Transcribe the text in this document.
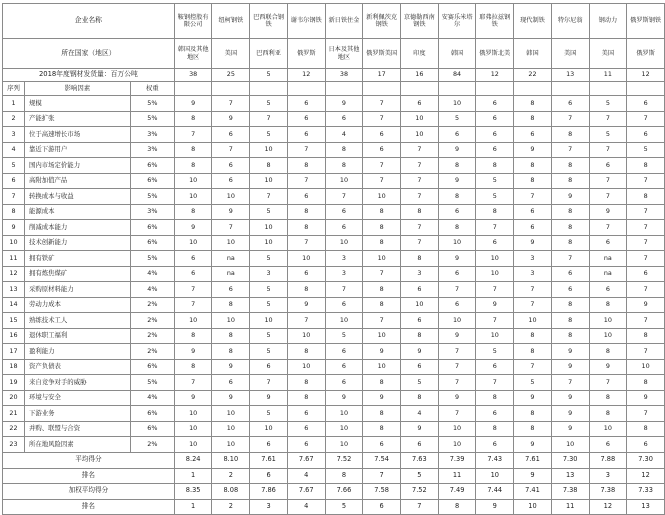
企业名称			鞍钢控股有限公司	纽柯钢铁	巴西联合钢铁	谢韦尔钢铁	新日铁住金	新利佩茨克钢铁	京德勒西南钢铁	安赛乐米塔尔	耶弗拉兹钢铁	现代制铁	特尔尼翁	钢动力	俄罗斯钢铁
所在国家（地区）			韩国及其他地区	美国	巴西利亚	俄罗斯	日本及其他地区	俄罗斯美国	印度	韩国	俄罗斯北美	韩国	美国	美国	俄罗斯
2018年度钢材发货量：百万公吨			38	25	5	12	38	17	16	84	12	22	13	11	12
序列	影响因素	权重													
1	规模	5%	9	7	5	6	9	7	6	10	6	8	6	5	6
2	产能扩张	5%	8	9	7	6	6	7	10	5	6	8	7	7	7
3	位于高速增长市场	3%	7	6	5	6	4	6	10	6	6	6	8	5	6
4	靠近下游用户	3%	8	7	10	7	8	6	7	9	6	9	7	7	5
5	国内市场定价能力	6%	8	6	8	8	8	7	7	8	8	8	8	6	8
6	高附加值产品	6%	10	6	10	7	10	7	7	9	5	8	8	7	7
7	转换成本与收益	5%	10	10	7	6	7	10	7	8	5	7	9	7	8
8	能源成本	3%	8	9	5	8	6	8	8	6	8	6	8	9	7
9	削减成本能力	6%	9	7	10	8	6	8	7	8	7	6	8	7	7
10	技术创新能力	6%	10	10	10	7	10	8	7	10	6	9	8	6	7
11	拥有铁矿	5%	6	na	5	10	3	10	8	9	10	3	7	na	7
12	拥有炼焦煤矿	4%	6	na	3	6	3	7	3	6	10	3	6	na	6
13	采购原材料能力	4%	7	6	5	8	7	8	6	7	7	7	6	6	7
14	劳动力成本	2%	7	8	5	9	6	8	10	6	9	7	8	8	9
15	熟练技术工人	2%	10	10	10	7	10	7	6	10	7	10	8	10	7
16	退休职工福利	2%	8	8	5	10	5	10	8	9	10	8	8	10	8
17	盈利能力	2%	9	8	5	8	6	9	9	7	5	8	9	8	7
18	资产负债表	6%	8	9	6	10	6	10	6	7	6	7	9	9	10
19	来自竞争对手的威胁	5%	7	6	7	8	6	8	5	7	7	5	7	7	8
20	环境与安全	4%	9	9	9	8	9	9	8	9	8	9	9	8	9
21	下游业务	6%	10	10	5	6	10	8	4	7	6	8	9	8	7
22	并购、联盟与合资	6%	10	10	10	6	10	8	9	10	8	8	9	10	8
23	所在地风险因素	2%	10	10	6	6	10	6	6	10	6	9	10	6	6
平均得分			8.24	8.10	7.61	7.67	7.52	7.54	7.63	7.39	7.43	7.61	7.30	7.88	7.30
排名			1	2	6	4	8	7	5	11	10	9	13	3	12
加权平均得分			8.35	8.08	7.86	7.67	7.66	7.58	7.52	7.49	7.44	7.41	7.38	7.38	7.33
排名			1	2	3	4	5	6	7	8	9	10	11	12	13
